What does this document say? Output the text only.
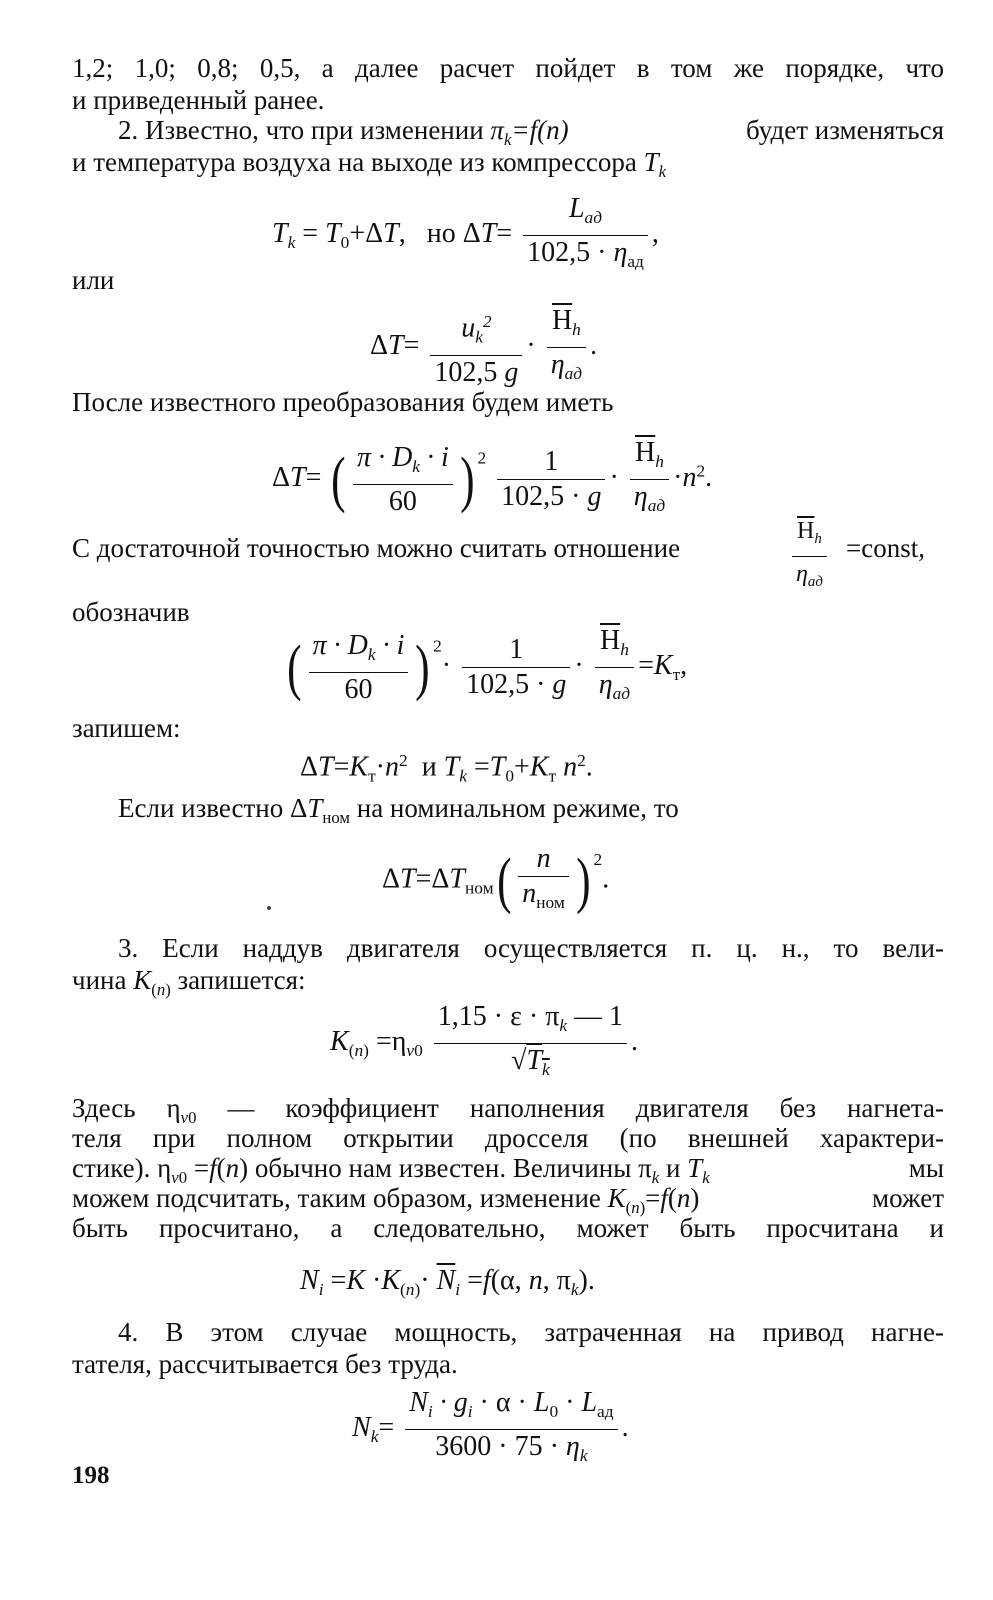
1,2; 1,0; 0,8; 0,5, а далее расчет пойдет в том же порядке, что
и приведенный ранее.
2. Известно, что при изменении $\pi_k=f(n)$	будет изменяться
и температура воздуха на выходе из компрессора $T_k$
$T_k = T_0+\Delta T$,   но $\Delta T= \frac{L_{ад}}{102,5 \cdot \eta_{ад}}$ ,
или
$\Delta T= \frac{u_k^2}{102,5 g} \cdot \frac{\overline{H}_h}{\eta_{ад}}$ .
После известного преобразования будем иметь
ΔT= ( $\frac{\pi \cdot D_k \cdot i}{60}$ ) $^2 \frac{1}{102,5 \cdot g} \cdot \frac{\overline{H}_h}{\eta_{ад}} \cdot n^2$.
С достаточной точностью можно считать отношение
$\overline{H}_h$
$\eta_{ад}$
=const,
обозначив
( $\frac{\pi \cdot D_k \cdot i}{60}$ ) $^2\cdot \frac{1}{102,5 \cdot g} \cdot \frac{\overline{H}_h}{\eta_{ад}} =K_т$,
запишем:
$\Delta T=K_т\cdot n^2$  и $T_k =T_0+K_т$ $n^2$.
Если известно $\Delta T_{ном}$ на номинальном режиме, то
$\Delta T=\Delta T_{ном}( \frac{n}{n_{ном}}$ ) $^2$.
3. Если наддув двигателя осуществляется п. ц. н., то вели-
чина $K_{(n)}$ запишется:
$K_{(n)} =\eta_{v0} \frac{1,15 \cdot \varepsilon \cdot \pi_k — 1}{√T_k}$ .
Здесь $\eta_{v0}$ — коэффициент наполнения двигателя без нагнета-
теля при полном открытии дросселя (по внешней характери-
стике). $\eta_{v0} =f(n)$ обычно нам известен. Величины $\pi_k$ и $T_k$	мы
можем подсчитать, таким образом, изменение $K_{(n)}=f(n)$	может
быть просчитано, а следовательно, может быть просчитана и
$N_i =K \cdot K_{(n)}\cdot \overline{N}_i =f(\alpha$, n, $\pi_k$).
4. В этом случае мощность, затраченная на привод нагне-
тателя, рассчитывается без труда.
$N_k= \frac{N_i \cdot g_i \cdot \alpha \cdot L_0 \cdot L_{ад}}{3600 \cdot 75 \cdot \eta_k}$ .
198
